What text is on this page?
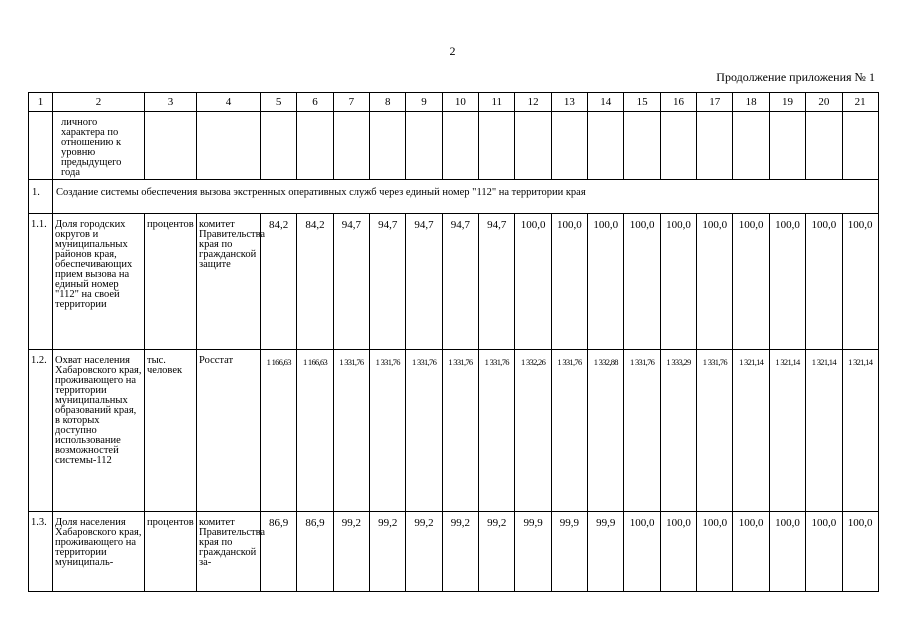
2
Продолжение приложения № 1
1	2	3	4	5	6	7	8	9	10	11	12	13	14	15	16	17	18	19	20	21
	личного характера по отношению к уровню предыдущего года																			
1.	Создание системы обеспечения вызова экстренных оперативных служб через единый номер "112" на территории края																			
1.1.	Доля городских округов и муниципальных районов края, обеспечивающих прием вызова на единый номер "112" на своей территории	процентов	комитет Правительства края по гражданской защите	84,2	84,2	94,7	94,7	94,7	94,7	94,7	100,0	100,0	100,0	100,0	100,0	100,0	100,0	100,0	100,0	100,0
1.2.	Охват населения Хабаровского края, проживающего на территории муниципальных образований края, в которых доступно использование возможностей системы-112	тыс. человек	Росстат	1 166,63	1 166,63	1 331,76	1 331,76	1 331,76	1 331,76	1 331,76	1 332,26	1 331,76	1 332,88	1 331,76	1 333,29	1 331,76	1 321,14	1 321,14	1 321,14	1 321,14
1.3.	Доля населения Хабаровского края, проживающего на территории муниципаль-	процентов	комитет Правительства края по гражданской за-	86,9	86,9	99,2	99,2	99,2	99,2	99,2	99,9	99,9	99,9	100,0	100,0	100,0	100,0	100,0	100,0	100,0
